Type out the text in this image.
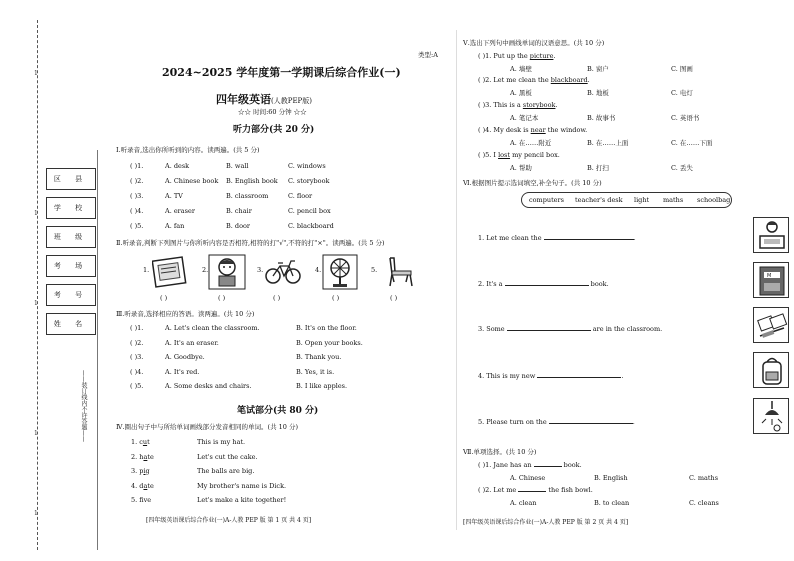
1
1
1
1
1
区 县
学 校
班 级
考 场
考 号
姓 名
——装订线内不许答题——
类型:A
2024~2025 学年度第一学期课后综合作业(一)
四年级英语(人教PEP版)
☆☆ 时间:60 分钟 ☆☆
听力部分(共 20 分)
Ⅰ.听录音,选出你所听到的内容。读两遍。(共 5 分)
( )1.	A. desk	B. wall	C. windows
( )2.	A. Chinese book B. English book C. storybook
( )3.	A. TV	B. classroom	C. floor
( )4.	A. eraser	B. chair	C. pencil box
( )5.	A. fan	B. door	C. blackboard
Ⅱ.听录音,判断下列图片与你所听内容是否相符,相符的打"√",不符的打"×"。读两遍。(共 5 分)
1.	2.	3.	4.	5.
( )	( )	( )	( )	( )
Ⅲ.听录音,选择相应的答语。读两遍。(共 10 分)
( )1.	A. Let's clean the classroom.	B. It's on the floor.
( )2.	A. It's an eraser.	B. Open your books.
( )3.	A. Goodbye.	B. Thank you.
( )4.	A. It's red.	B. Yes, it is.
( )5.	A. Some desks and chairs.	B. I like apples.
笔试部分(共 80 分)
Ⅳ.圈出句子中与所给单词画线部分发音相同的单词。(共 10 分)
1. cut	This is my hat.
2. hate	Let's cut the cake.
3. pig	The balls are big.
4. date	My brother's name is Dick.
5. fve	Let's make a kite together!
[四年级英语课后综合作业(一)A-人教 PEP 版 第 1 页 共 4 页]
Ⅴ.选出下列句中画线单词的汉语意思。(共 10 分)
( )1. Put up the picture.
A. 墙壁	B. 窗户	C. 图画
( )2. Let me clean the blackboard.
A. 黑板	B. 地板	C. 电灯
( )3. This is a storybook.
A. 笔记本	B. 故事书	C. 英语书
( )4. My desk is near the window.
A. 在……附近	B. 在……上面	C. 在……下面
( )5. I lost my pencil box.
A. 帮助	B. 打扫	C. 丢失
Ⅵ.根据图片提示选词填空,补全句子。(共 10 分)
computers teacher's desk light maths schoolbag
1. Let me clean the	.
2. It's a	book.
3. Some	are in the classroom.
4. This is my new	.
5. Please turn on the	.
M
Ⅶ.单项选择。(共 10 分)
( )1. Jane has an	book.
A. Chinese	B. English	C. maths
( )2. Let me	the fish bowl.
A. clean	B. to clean	C. cleans
[四年级英语课后综合作业(一)A-人教 PEP 版 第 2 页 共 4 页]
